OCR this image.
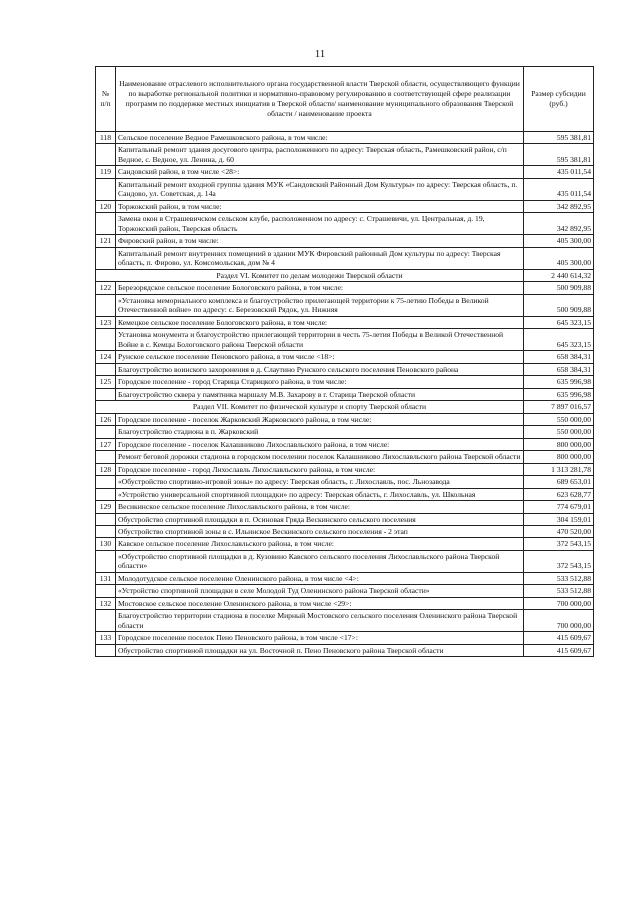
11
№ п/п	Наименование отраслевого исполнительного органа государственной власти Тверской области, осуществляющего функции по выработке региональной политики и нормативно-правовому регулированию в соответствующей сфере реализации программ по поддержке местных инициатив в Тверской области/ наименование муниципального образования Тверской области / наименование проекта	Размер субсидии (руб.)
118	Сельское поселение Ведное Рамешковского района, в том числе:	595 381,81
	Капитальный ремонт здания досугового центра, расположенного по адресу: Тверская область, Рамешковский район, с/п Ведное, с. Ведное, ул. Ленина, д. 60	595 381,81
119	Сандовский район, в том числе <28>:	435 011,54
	Капитальный ремонт входной группы здания МУК «Сандовский Районный Дом Культуры» по адресу: Тверская область, п. Сандово, ул. Советская, д. 14а	435 011,54
120	Торжокский район, в том числе:	342 892,95
	Замена окон в Страшевичском сельском клубе, расположенном по адресу: с. Страшевичи, ул. Центральная, д. 19, Торжокский район, Тверская область	342 892,95
121	Фировский район, в том числе:	405 300,00
	Капитальный ремонт внутренних помещений в здании МУК Фировский районный Дом культуры по адресу: Тверская область, п. Фирово, ул. Комсомольская, дом № 4	405 300,00
Раздел VI. Комитет по делам молодежи Тверской области		2 440 614,32
122	Березорядское сельское поселение Бологовского района, в том числе:	500 909,88
	«Установка мемориального комплекса и благоустройство прилегающей территории к 75-летию Победы в Великой Отечественной войне» по адресу: с. Березовский Рядок, ул. Нижняя	500 909,88
123	Кемецкое сельское поселение Бологовского района, в том числе:	645 323,15
	Установка монумента и благоустройство прилегающей территории в честь 75-летия Победы в Великой Отечественной Войне в с. Кемцы Бологовского района Тверской области	645 323,15
124	Рунское сельское поселение Пеновского района, в том числе <18>:	658 384,31
	Благоустройство воинского захоронения в д. Слаутино Рунского сельского поселения Пеновского района	658 384,31
125	Городское поселение - город Старица Старицкого района, в том числе:	635 996,98
	Благоустройство сквера у памятника маршалу М.В. Захарову в г. Старица Тверской области	635 996,98
Раздел VII. Комитет по физической культуре и спорту Тверской области		7 897 016,57
126	Городское поселение - поселок Жарковский Жарковского района, в том числе:	550 000,00
	Благоустройство стадиона в п. Жарковский	550 000,00
127	Городское поселение - поселок Калашниково Лихославльского района, в том числе:	800 000,00
	Ремонт беговой дорожки стадиона в городском поселении поселок Калашниково Лихославльского района Тверской области	800 000,00
128	Городское поселение - город Лихославль Лихославльского района, в том числе:	1 313 281,78
	«Обустройство спортивно-игровой зоны» по адресу: Тверская область, г. Лихославль, пос. Льнозавода	689 653,01
	«Устройство универсальной спортивной площадки» по адресу: Тверская область, г. Лихославль, ул. Школьная	623 628,77
129	Весикинское сельское поселение Лихославльского района, в том числе:	774 679,01
	Обустройство спортивной площадки в п. Осиновая Гряда Вескинского сельского поселения	304 159,01
	Обустройство спортивной зоны в с. Ильинское Вескинского сельского поселения - 2 этап	470 520,00
130	Кавское сельское поселение Лихославльского района, в том числе:	372 543,15
	«Обустройство спортивной площадки в д. Кузовино Кавского сельского поселения Лихославльского района Тверской области»	372 543,15
131	Молодотудское сельское поселение Оленинского района, в том числе <4>:	533 512,88
	«Устройство спортивной площадки в селе Молодой Туд Оленинского района Тверской области»	533 512,88
132	Мостовское сельское поселение Оленинского района, в том числе <29>:	700 000,00
	Благоустройство территории стадиона в поселке Мирный Мостовского сельского поселения Оленинского района Тверской области	700 000,00
133	Городское поселение поселок Пено Пеновского района, в том числе <17>:	415 609,67
	Обустройство спортивной площадки на ул. Восточной п. Пено Пеновского района Тверской области	415 609,67
